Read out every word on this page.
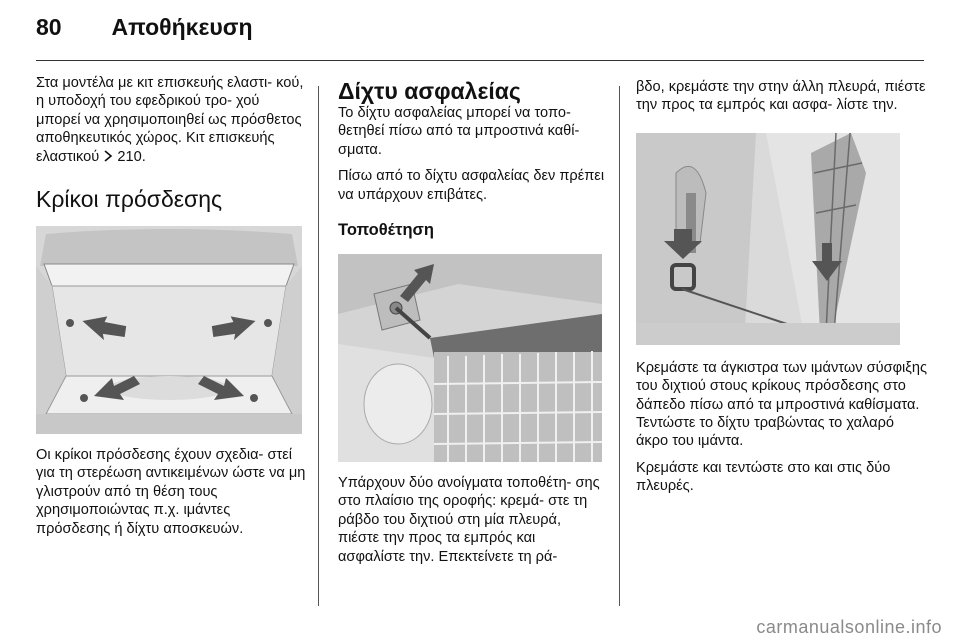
80 Αποθήκευση

Στα μοντέλα με κιτ επισκευής ελαστι- κού, η υποδοχή του εφεδρικού τρο- χού μπορεί να χρησιμοποιηθεί ως πρόσθετος αποθηκευτικός χώρος. Κιτ επισκευής ελαστικού 210.

Κρίκοι πρόσδεσης

Οι κρίκοι πρόσδεσης έχουν σχεδια- στεί για τη στερέωση αντικειμένων ώστε να μη γλιστρούν από τη θέση τους χρησιμοποιώντας π.χ. ιμάντες πρόσδεσης ή δίχτυ αποσκευών.

Δίχτυ ασφαλείας

Το δίχτυ ασφαλείας μπορεί να τοπο- θετηθεί πίσω από τα μπροστινά καθί- σματα.

Πίσω από το δίχτυ ασφαλείας δεν πρέπει να υπάρχουν επιβάτες.

Τοποθέτηση

Υπάρχουν δύο ανοίγματα τοποθέτη- σης στο πλαίσιο της οροφής: κρεμά- στε τη ράβδο του διχτιού στη μία πλευρά, πιέστε την προς τα εμπρός και ασφαλίστε την. Επεκτείνετε τη ρά-

βδο, κρεμάστε την στην άλλη πλευρά, πιέστε την προς τα εμπρός και ασφα- λίστε την.

Κρεμάστε τα άγκιστρα των ιμάντων σύσφιξης του διχτιού στους κρίκους πρόσδεσης στο δάπεδο πίσω από τα μπροστινά καθίσματα. Τεντώστε το δίχτυ τραβώντας το χαλαρό άκρο του ιμάντα.

Κρεμάστε και τεντώστε στο και στις δύο πλευρές.

carmanualsonline.info
